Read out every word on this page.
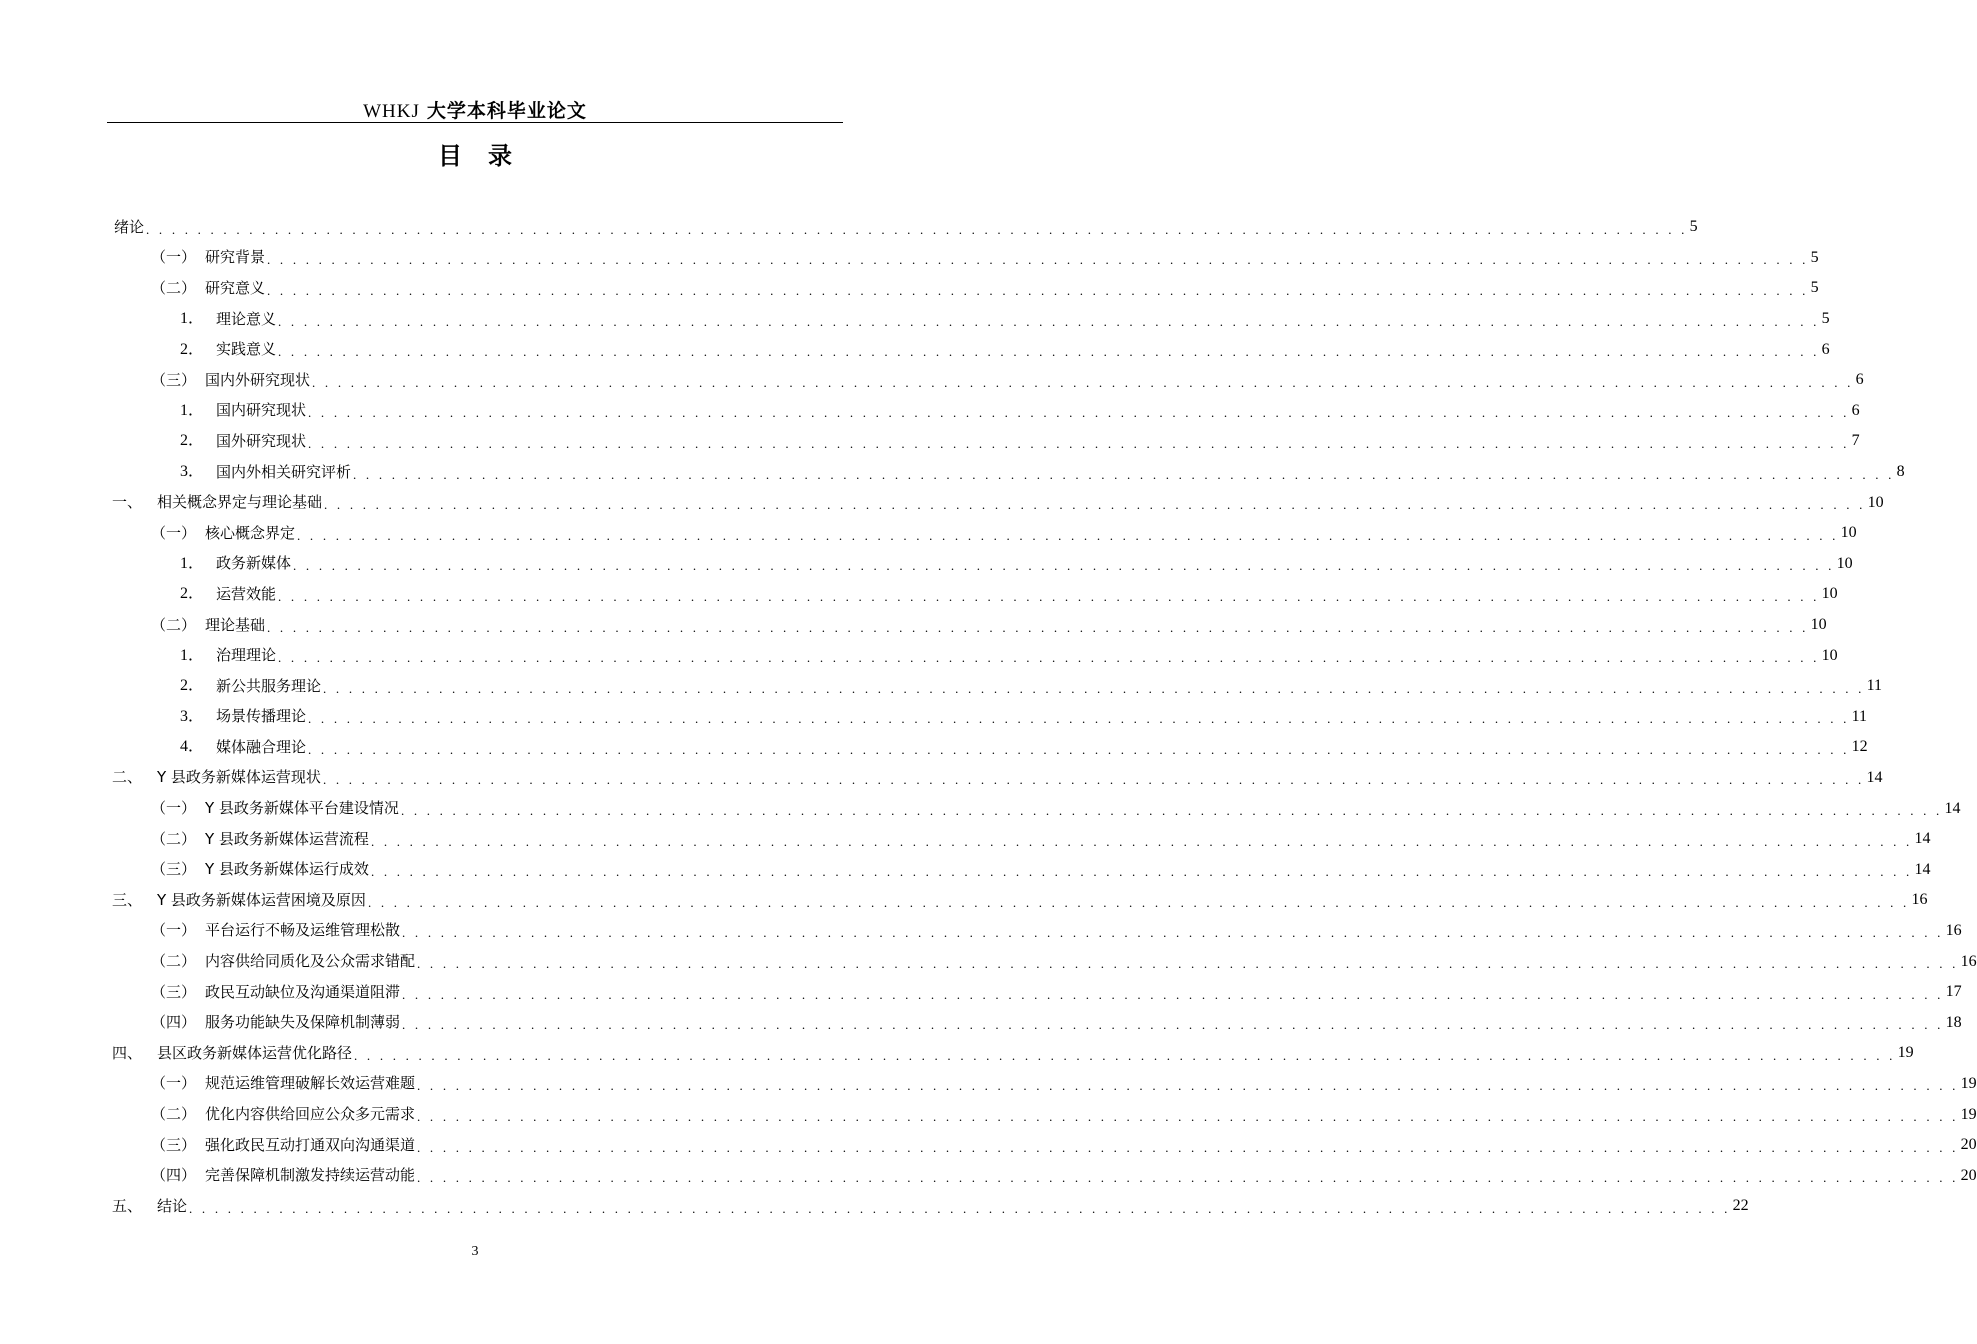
WHKJ 大学本科毕业论文
目录
绪论 . . . . . . . . . . . . . . . . . . . . . . . . . . . . . . . . . . . . . . . . . . . . . . . . . . . . . . . . . . . . . . . . . . . . . . . . . . . . . . . . . . . . . . . . . . . . . . . . . . . . . . . . . . . . . . . . . . . . . . . . 5
（一） 研究背景 . . . . . . . . . . . . . . . . . . . . . . . . . . . . . . . . . . . . . . . . . . . . . . . . . . . . . . . . . . . . . . . . . . . . . . . . . . . . . . . . . . . . . . . . . . . . . . . . . . . . . . . . . . . . . . . . . . . . . . . . 5
（二） 研究意义 . . . . . . . . . . . . . . . . . . . . . . . . . . . . . . . . . . . . . . . . . . . . . . . . . . . . . . . . . . . . . . . . . . . . . . . . . . . . . . . . . . . . . . . . . . . . . . . . . . . . . . . . . . . . . . . . . . . . . . . . 5
1． 理论意义 . . . . . . . . . . . . . . . . . . . . . . . . . . . . . . . . . . . . . . . . . . . . . . . . . . . . . . . . . . . . . . . . . . . . . . . . . . . . . . . . . . . . . . . . . . . . . . . . . . . . . . . . . . . . . . . . . . . . . . . . 5
2． 实践意义 . . . . . . . . . . . . . . . . . . . . . . . . . . . . . . . . . . . . . . . . . . . . . . . . . . . . . . . . . . . . . . . . . . . . . . . . . . . . . . . . . . . . . . . . . . . . . . . . . . . . . . . . . . . . . . . . . . . . . . . . 6
（三） 国内外研究现状 . . . . . . . . . . . . . . . . . . . . . . . . . . . . . . . . . . . . . . . . . . . . . . . . . . . . . . . . . . . . . . . . . . . . . . . . . . . . . . . . . . . . . . . . . . . . . . . . . . . . . . . . . . . . . . . . . . . . . . . . 6
1． 国内研究现状 . . . . . . . . . . . . . . . . . . . . . . . . . . . . . . . . . . . . . . . . . . . . . . . . . . . . . . . . . . . . . . . . . . . . . . . . . . . . . . . . . . . . . . . . . . . . . . . . . . . . . . . . . . . . . . . . . . . . . . . . 6
2． 国外研究现状 . . . . . . . . . . . . . . . . . . . . . . . . . . . . . . . . . . . . . . . . . . . . . . . . . . . . . . . . . . . . . . . . . . . . . . . . . . . . . . . . . . . . . . . . . . . . . . . . . . . . . . . . . . . . . . . . . . . . . . . . 7
3． 国内外相关研究评析 . . . . . . . . . . . . . . . . . . . . . . . . . . . . . . . . . . . . . . . . . . . . . . . . . . . . . . . . . . . . . . . . . . . . . . . . . . . . . . . . . . . . . . . . . . . . . . . . . . . . . . . . . . . . . . . . . . . . . . . . 8
一、 相关概念界定与理论基础 . . . . . . . . . . . . . . . . . . . . . . . . . . . . . . . . . . . . . . . . . . . . . . . . . . . . . . . . . . . . . . . . . . . . . . . . . . . . . . . . . . . . . . . . . . . . . . . . . . . . . . . . . . . . . . . . . . . . . . . . 10
（一） 核心概念界定 . . . . . . . . . . . . . . . . . . . . . . . . . . . . . . . . . . . . . . . . . . . . . . . . . . . . . . . . . . . . . . . . . . . . . . . . . . . . . . . . . . . . . . . . . . . . . . . . . . . . . . . . . . . . . . . . . . . . . . . . 10
1． 政务新媒体 . . . . . . . . . . . . . . . . . . . . . . . . . . . . . . . . . . . . . . . . . . . . . . . . . . . . . . . . . . . . . . . . . . . . . . . . . . . . . . . . . . . . . . . . . . . . . . . . . . . . . . . . . . . . . . . . . . . . . . . . 10
2． 运营效能 . . . . . . . . . . . . . . . . . . . . . . . . . . . . . . . . . . . . . . . . . . . . . . . . . . . . . . . . . . . . . . . . . . . . . . . . . . . . . . . . . . . . . . . . . . . . . . . . . . . . . . . . . . . . . . . . . . . . . . . . 10
（二） 理论基础 . . . . . . . . . . . . . . . . . . . . . . . . . . . . . . . . . . . . . . . . . . . . . . . . . . . . . . . . . . . . . . . . . . . . . . . . . . . . . . . . . . . . . . . . . . . . . . . . . . . . . . . . . . . . . . . . . . . . . . . . 10
1． 治理理论 . . . . . . . . . . . . . . . . . . . . . . . . . . . . . . . . . . . . . . . . . . . . . . . . . . . . . . . . . . . . . . . . . . . . . . . . . . . . . . . . . . . . . . . . . . . . . . . . . . . . . . . . . . . . . . . . . . . . . . . . 10
2． 新公共服务理论 . . . . . . . . . . . . . . . . . . . . . . . . . . . . . . . . . . . . . . . . . . . . . . . . . . . . . . . . . . . . . . . . . . . . . . . . . . . . . . . . . . . . . . . . . . . . . . . . . . . . . . . . . . . . . . . . . . . . . . . . 11
3． 场景传播理论 . . . . . . . . . . . . . . . . . . . . . . . . . . . . . . . . . . . . . . . . . . . . . . . . . . . . . . . . . . . . . . . . . . . . . . . . . . . . . . . . . . . . . . . . . . . . . . . . . . . . . . . . . . . . . . . . . . . . . . . . 11
4． 媒体融合理论 . . . . . . . . . . . . . . . . . . . . . . . . . . . . . . . . . . . . . . . . . . . . . . . . . . . . . . . . . . . . . . . . . . . . . . . . . . . . . . . . . . . . . . . . . . . . . . . . . . . . . . . . . . . . . . . . . . . . . . . . 12
二、 Y 县政务新媒体运营现状 . . . . . . . . . . . . . . . . . . . . . . . . . . . . . . . . . . . . . . . . . . . . . . . . . . . . . . . . . . . . . . . . . . . . . . . . . . . . . . . . . . . . . . . . . . . . . . . . . . . . . . . . . . . . . . . . . . . . . . . . 14
（一） Y 县政务新媒体平台建设情况 . . . . . . . . . . . . . . . . . . . . . . . . . . . . . . . . . . . . . . . . . . . . . . . . . . . . . . . . . . . . . . . . . . . . . . . . . . . . . . . . . . . . . . . . . . . . . . . . . . . . . . . . . . . . . . . . . . . . . . . . 14
（二） Y 县政务新媒体运营流程 . . . . . . . . . . . . . . . . . . . . . . . . . . . . . . . . . . . . . . . . . . . . . . . . . . . . . . . . . . . . . . . . . . . . . . . . . . . . . . . . . . . . . . . . . . . . . . . . . . . . . . . . . . . . . . . . . . . . . . . . 14
（三） Y 县政务新媒体运行成效 . . . . . . . . . . . . . . . . . . . . . . . . . . . . . . . . . . . . . . . . . . . . . . . . . . . . . . . . . . . . . . . . . . . . . . . . . . . . . . . . . . . . . . . . . . . . . . . . . . . . . . . . . . . . . . . . . . . . . . . . 14
三、 Y 县政务新媒体运营困境及原因 . . . . . . . . . . . . . . . . . . . . . . . . . . . . . . . . . . . . . . . . . . . . . . . . . . . . . . . . . . . . . . . . . . . . . . . . . . . . . . . . . . . . . . . . . . . . . . . . . . . . . . . . . . . . . . . . . . . . . . . . 16
（一） 平台运行不畅及运维管理松散 . . . . . . . . . . . . . . . . . . . . . . . . . . . . . . . . . . . . . . . . . . . . . . . . . . . . . . . . . . . . . . . . . . . . . . . . . . . . . . . . . . . . . . . . . . . . . . . . . . . . . . . . . . . . . . . . . . . . . . . . 16
（二） 内容供给同质化及公众需求错配 . . . . . . . . . . . . . . . . . . . . . . . . . . . . . . . . . . . . . . . . . . . . . . . . . . . . . . . . . . . . . . . . . . . . . . . . . . . . . . . . . . . . . . . . . . . . . . . . . . . . . . . . . . . . . . . . . . . . . . . . 16
（三） 政民互动缺位及沟通渠道阻滞 . . . . . . . . . . . . . . . . . . . . . . . . . . . . . . . . . . . . . . . . . . . . . . . . . . . . . . . . . . . . . . . . . . . . . . . . . . . . . . . . . . . . . . . . . . . . . . . . . . . . . . . . . . . . . . . . . . . . . . . . 17
（四） 服务功能缺失及保障机制薄弱 . . . . . . . . . . . . . . . . . . . . . . . . . . . . . . . . . . . . . . . . . . . . . . . . . . . . . . . . . . . . . . . . . . . . . . . . . . . . . . . . . . . . . . . . . . . . . . . . . . . . . . . . . . . . . . . . . . . . . . . . 18
四、 县区政务新媒体运营优化路径 . . . . . . . . . . . . . . . . . . . . . . . . . . . . . . . . . . . . . . . . . . . . . . . . . . . . . . . . . . . . . . . . . . . . . . . . . . . . . . . . . . . . . . . . . . . . . . . . . . . . . . . . . . . . . . . . . . . . . . . . 19
（一） 规范运维管理破解长效运营难题 . . . . . . . . . . . . . . . . . . . . . . . . . . . . . . . . . . . . . . . . . . . . . . . . . . . . . . . . . . . . . . . . . . . . . . . . . . . . . . . . . . . . . . . . . . . . . . . . . . . . . . . . . . . . . . . . . . . . . . . . 19
（二） 优化内容供给回应公众多元需求 . . . . . . . . . . . . . . . . . . . . . . . . . . . . . . . . . . . . . . . . . . . . . . . . . . . . . . . . . . . . . . . . . . . . . . . . . . . . . . . . . . . . . . . . . . . . . . . . . . . . . . . . . . . . . . . . . . . . . . . . 19
（三） 强化政民互动打通双向沟通渠道 . . . . . . . . . . . . . . . . . . . . . . . . . . . . . . . . . . . . . . . . . . . . . . . . . . . . . . . . . . . . . . . . . . . . . . . . . . . . . . . . . . . . . . . . . . . . . . . . . . . . . . . . . . . . . . . . . . . . . . . . 20
（四） 完善保障机制激发持续运营动能 . . . . . . . . . . . . . . . . . . . . . . . . . . . . . . . . . . . . . . . . . . . . . . . . . . . . . . . . . . . . . . . . . . . . . . . . . . . . . . . . . . . . . . . . . . . . . . . . . . . . . . . . . . . . . . . . . . . . . . . . 20
五、 结论 . . . . . . . . . . . . . . . . . . . . . . . . . . . . . . . . . . . . . . . . . . . . . . . . . . . . . . . . . . . . . . . . . . . . . . . . . . . . . . . . . . . . . . . . . . . . . . . . . . . . . . . . . . . . . . . . . . . . . . . . 22
3
